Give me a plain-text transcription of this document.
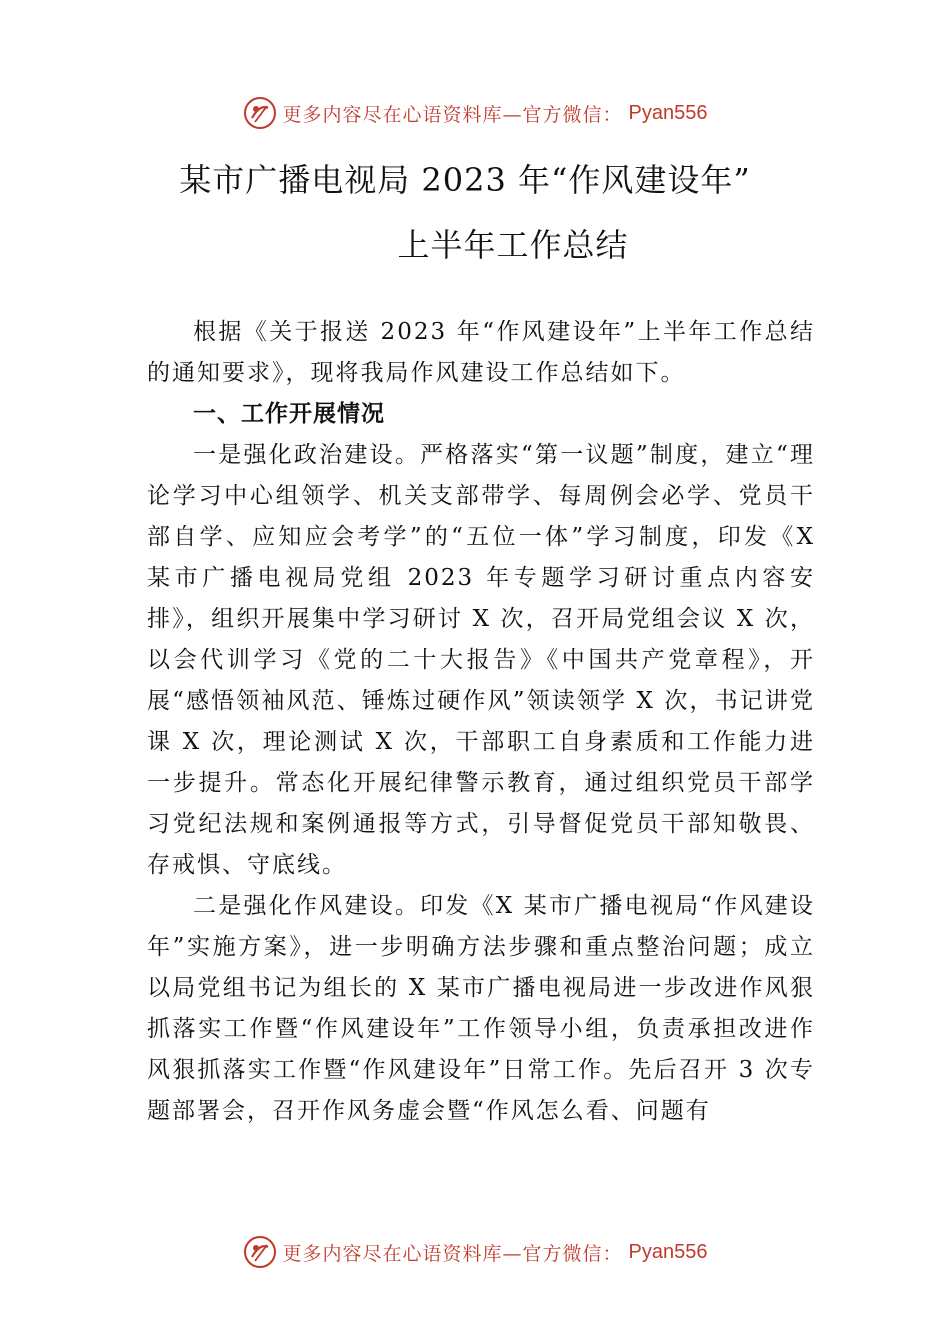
更多内容尽在心语资料库—官方微信： Pyan556
某市广播电视局 2023 年“作风建设年”
上半年工作总结

根据《关于报送 2023 年“作风建设年”上半年工作总结的通知要求》，现将我局作风建设工作总结如下。

一、工作开展情况

一是强化政治建设。严格落实“第一议题”制度，建立“理论学习中心组领学、机关支部带学、每周例会必学、党员干部自学、应知应会考学”的“五位一体”学习制度，印发《X 某市广播电视局党组 2023 年专题学习研讨重点内容安排》，组织开展集中学习研讨 X 次，召开局党组会议 X 次，以会代训学习《党的二十大报告》《中国共产党章程》，开展“感悟领袖风范、锤炼过硬作风”领读领学 X 次，书记讲党课 X 次，理论测试 X 次，干部职工自身素质和工作能力进一步提升。常态化开展纪律警示教育，通过组织党员干部学习党纪法规和案例通报等方式，引导督促党员干部知敬畏、存戒惧、守底线。

二是强化作风建设。印发《X 某市广播电视局“作风建设年”实施方案》，进一步明确方法步骤和重点整治问题；成立以局党组书记为组长的 X 某市广播电视局进一步改进作风狠抓落实工作暨“作风建设年”工作领导小组，负责承担改进作风狠抓落实工作暨“作风建设年”日常工作。先后召开 3 次专题部署会，召开作风务虚会暨“作风怎么看、问题有

更多内容尽在心语资料库—官方微信： Pyan556
